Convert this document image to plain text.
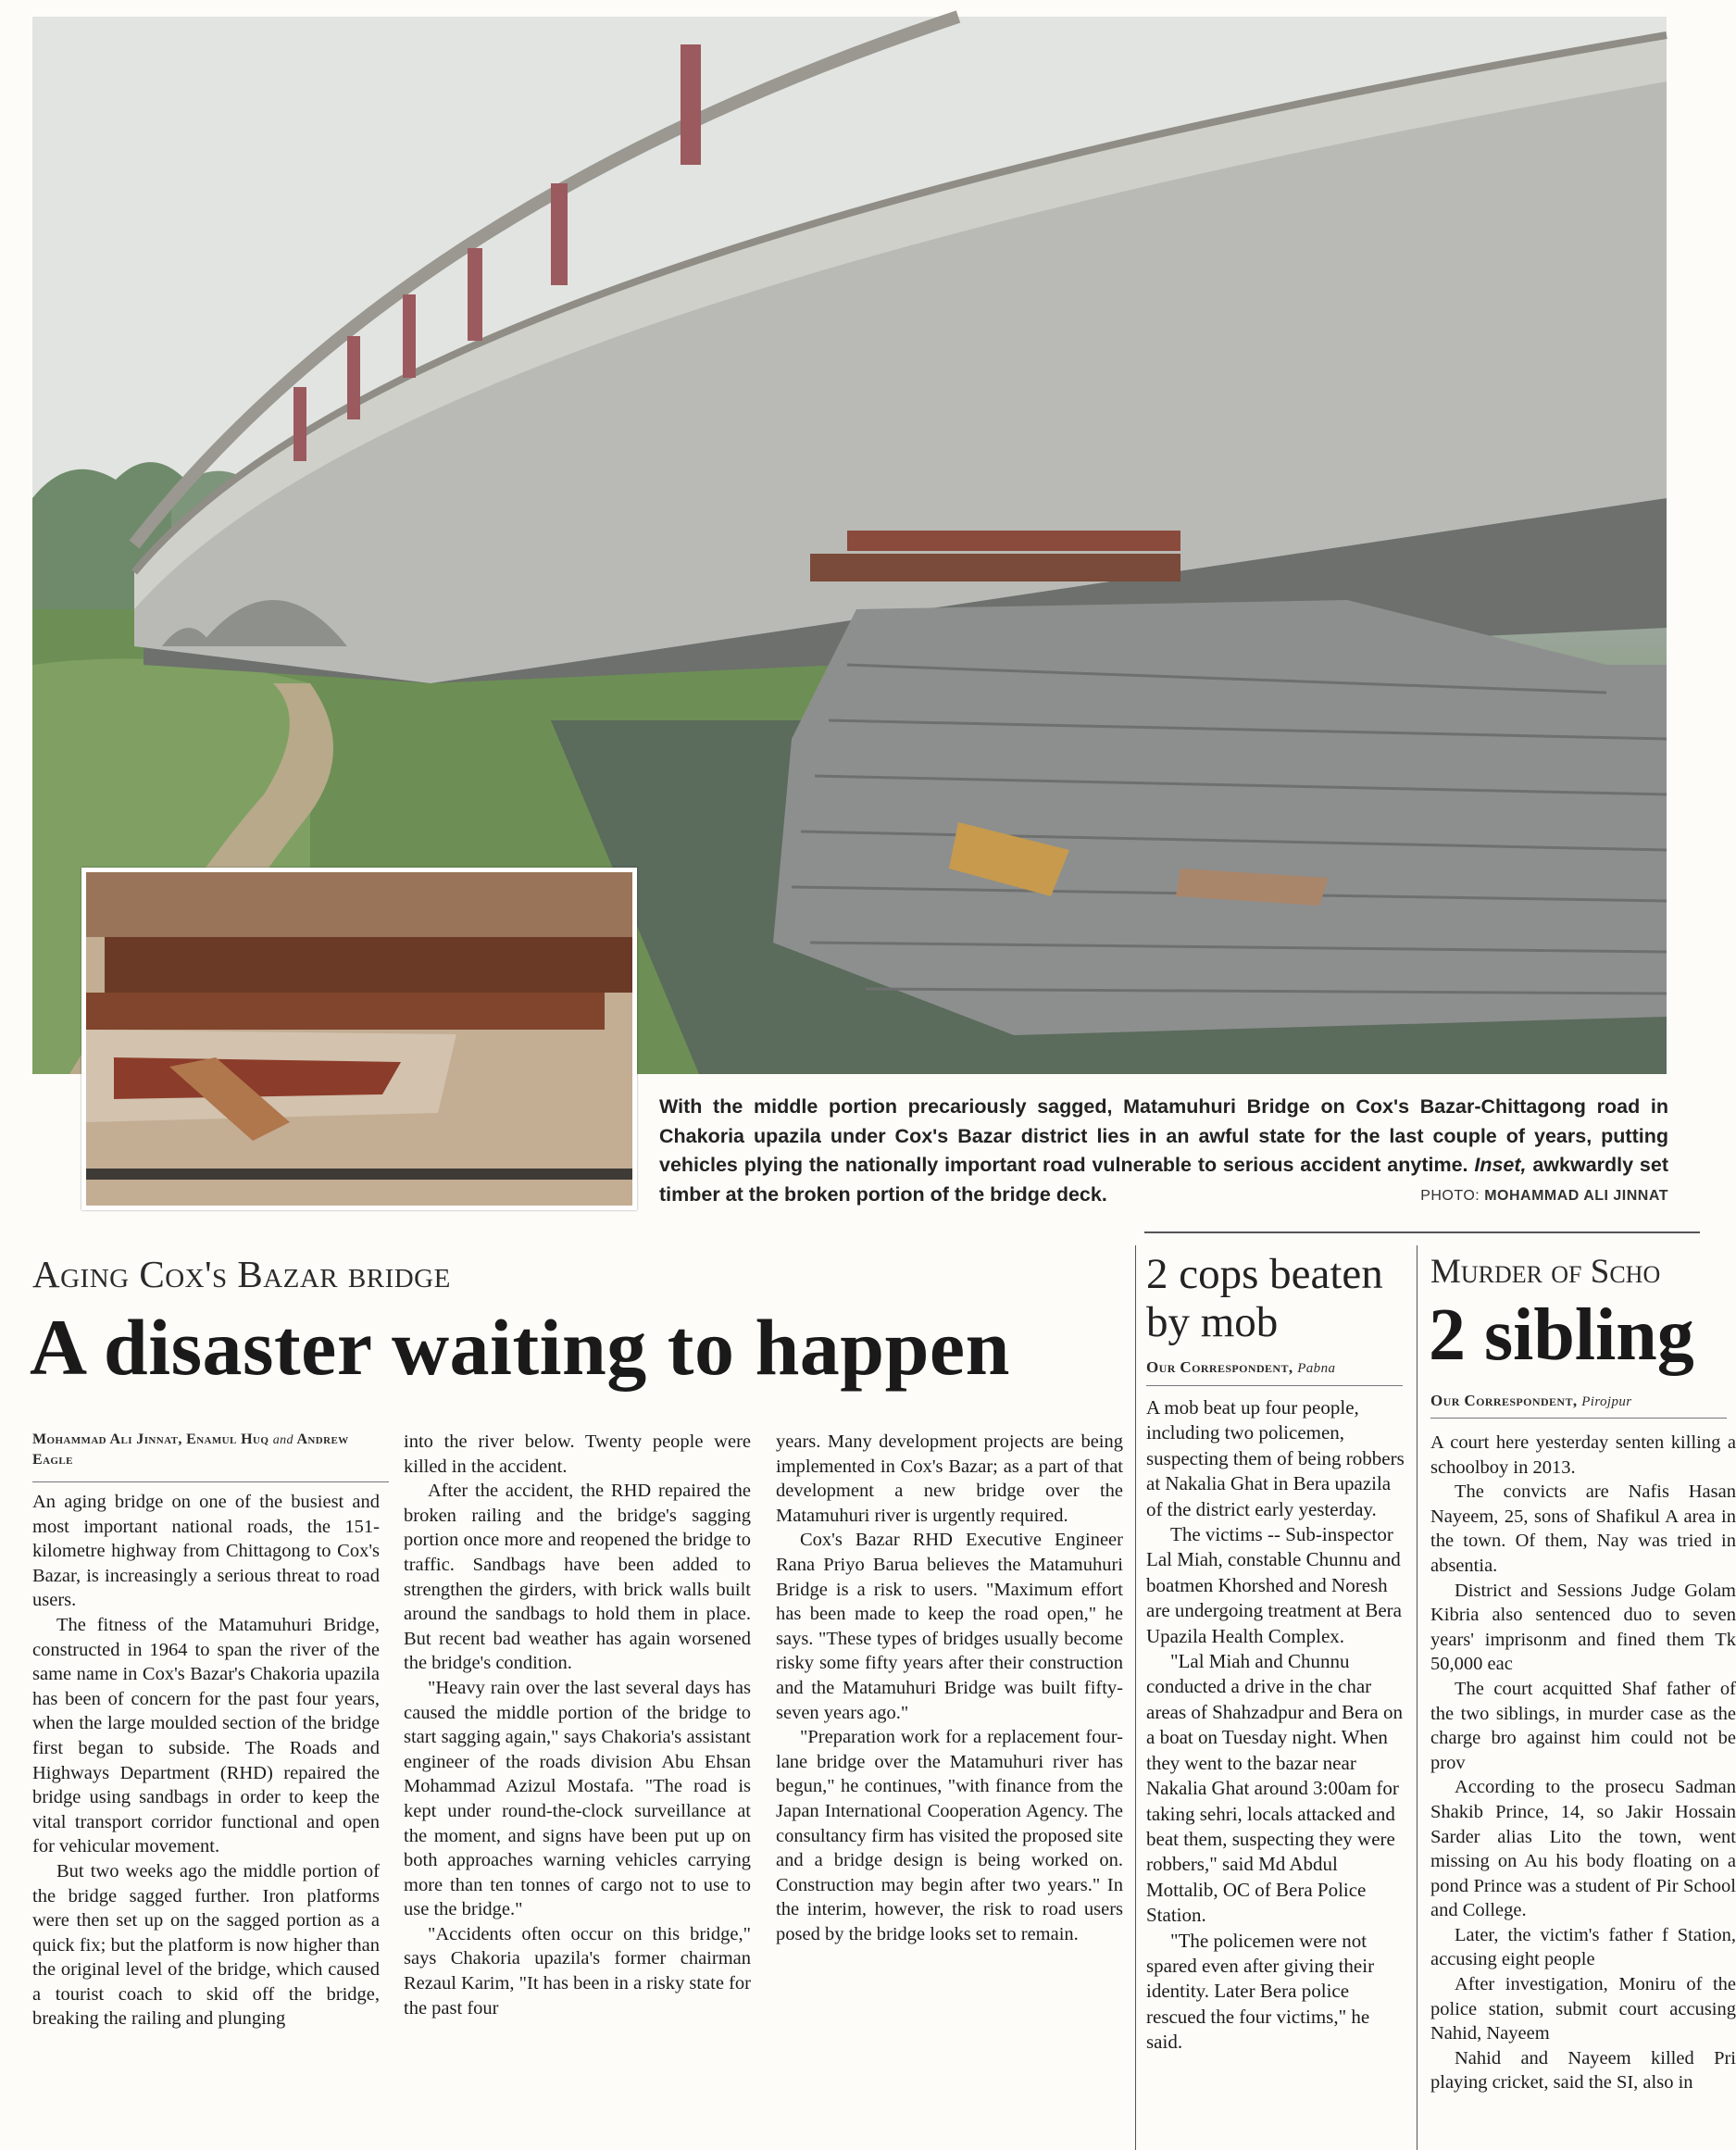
With the middle portion precariously sagged, Matamuhuri Bridge on Cox's Bazar-Chittagong road in Chakoria upazila under Cox's Bazar district lies in an awful state for the last couple of years, putting vehicles plying the nationally important road vulnerable to serious accident anytime. Inset, awkwardly set timber at the broken portion of the bridge deck.	PHOTO: MOHAMMAD ALI JINNAT
Aging Cox's Bazar bridge
A disaster waiting to happen
Mohammad Ali Jinnat, Enamul Huq and Andrew Eagle

An aging bridge on one of the busiest and most important national roads, the 151-kilometre highway from Chittagong to Cox's Bazar, is increasingly a serious threat to road users.

The fitness of the Matamuhuri Bridge, constructed in 1964 to span the river of the same name in Cox's Bazar's Chakoria upazila has been of concern for the past four years, when the large moulded section of the bridge first began to subside. The Roads and Highways Department (RHD) repaired the bridge using sandbags in order to keep the vital transport corridor functional and open for vehicular movement.

But two weeks ago the middle portion of the bridge sagged further. Iron platforms were then set up on the sagged portion as a quick fix; but the platform is now higher than the original level of the bridge, which caused a tourist coach to skid off the bridge, breaking the railing and plunging

into the river below. Twenty people were killed in the accident.

After the accident, the RHD repaired the broken railing and the bridge's sagging portion once more and reopened the bridge to traffic. Sandbags have been added to strengthen the girders, with brick walls built around the sandbags to hold them in place. But recent bad weather has again worsened the bridge's condition.

"Heavy rain over the last several days has caused the middle portion of the bridge to start sagging again," says Chakoria's assistant engineer of the roads division Abu Ehsan Mohammad Azizul Mostafa. "The road is kept under round-the-clock surveillance at the moment, and signs have been put up on both approaches warning vehicles carrying more than ten tonnes of cargo not to use to use the bridge."

"Accidents often occur on this bridge," says Chakoria upazila's former chairman Rezaul Karim, "It has been in a risky state for the past four

years. Many development projects are being implemented in Cox's Bazar; as a part of that development a new bridge over the Matamuhuri river is urgently required.

Cox's Bazar RHD Executive Engineer Rana Priyo Barua believes the Matamuhuri Bridge is a risk to users. "Maximum effort has been made to keep the road open," he says. "These types of bridges usually become risky some fifty years after their construction and the Matamuhuri Bridge was built fifty-seven years ago."

"Preparation work for a replacement four-lane bridge over the Matamuhuri river has begun," he continues, "with finance from the Japan International Cooperation Agency. The consultancy firm has visited the proposed site and a bridge design is being worked on. Construction may begin after two years." In the interim, however, the risk to road users posed by the bridge looks set to remain.

2 cops beaten by mob
Our Correspondent, Pabna

A mob beat up four people, including two policemen, suspecting them of being robbers at Nakalia Ghat in Bera upazila of the district early yesterday.

The victims -- Sub-inspector Lal Miah, constable Chunnu and boatmen Khorshed and Noresh are undergoing treatment at Bera Upazila Health Complex.

"Lal Miah and Chunnu conducted a drive in the char areas of Shahzadpur and Bera on a boat on Tuesday night. When they went to the bazar near Nakalia Ghat around 3:00am for taking sehri, locals attacked and beat them, suspecting they were robbers," said Md Abdul Mottalib, OC of Bera Police Station.

"The policemen were not spared even after giving their identity. Later Bera police rescued the four victims," he said.

Murder of Scho
2 sibling
Our Correspondent, Pirojpur

A court here yesterday senten killing a schoolboy in 2013.

The convicts are Nafis Hasan Nayeem, 25, sons of Shafikul A area in the town. Of them, Nay was tried in absentia.

District and Sessions Judge Golam Kibria also sentenced duo to seven years' imprisonm and fined them Tk 50,000 eac

The court acquitted Shaf father of the two siblings, in murder case as the charge bro against him could not be prov

According to the prosecu Sadman Shakib Prince, 14, so Jakir Hossain Sarder alias Lito the town, went missing on Au his body floating on a pond Prince was a student of Pir School and College.

Later, the victim's father f Station, accusing eight people

After investigation, Moniru of the police station, submit court accusing Nahid, Nayeem

Nahid and Nayeem killed Pri playing cricket, said the SI, also in
